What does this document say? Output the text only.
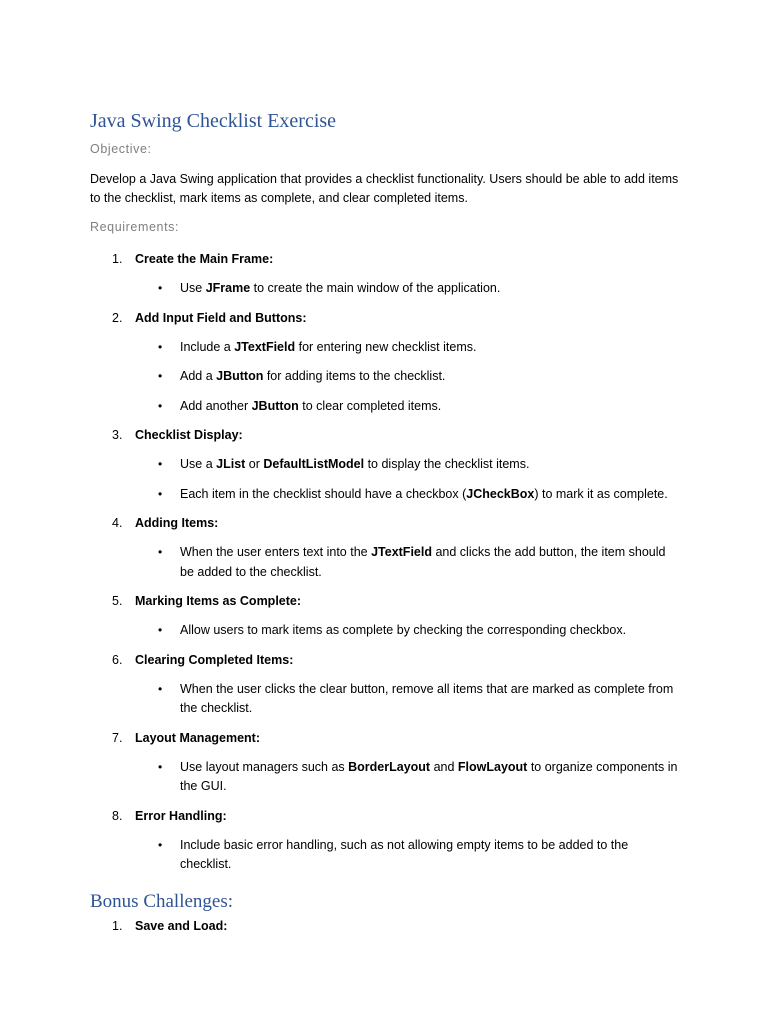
Java Swing Checklist Exercise

Objective:

Develop a Java Swing application that provides a checklist functionality. Users should be able to add items to the checklist, mark items as complete, and clear completed items.

Requirements:

1. Create the Main Frame:
• Use JFrame to create the main window of the application.
2. Add Input Field and Buttons:
• Include a JTextField for entering new checklist items.
• Add a JButton for adding items to the checklist.
• Add another JButton to clear completed items.
3. Checklist Display:
• Use a JList or DefaultListModel to display the checklist items.
• Each item in the checklist should have a checkbox (JCheckBox) to mark it as complete.
4. Adding Items:
• When the user enters text into the JTextField and clicks the add button, the item should be added to the checklist.
5. Marking Items as Complete:
• Allow users to mark items as complete by checking the corresponding checkbox.
6. Clearing Completed Items:
• When the user clicks the clear button, remove all items that are marked as complete from the checklist.
7. Layout Management:
• Use layout managers such as BorderLayout and FlowLayout to organize components in the GUI.
8. Error Handling:
• Include basic error handling, such as not allowing empty items to be added to the checklist.
Bonus Challenges:
1. Save and Load:
